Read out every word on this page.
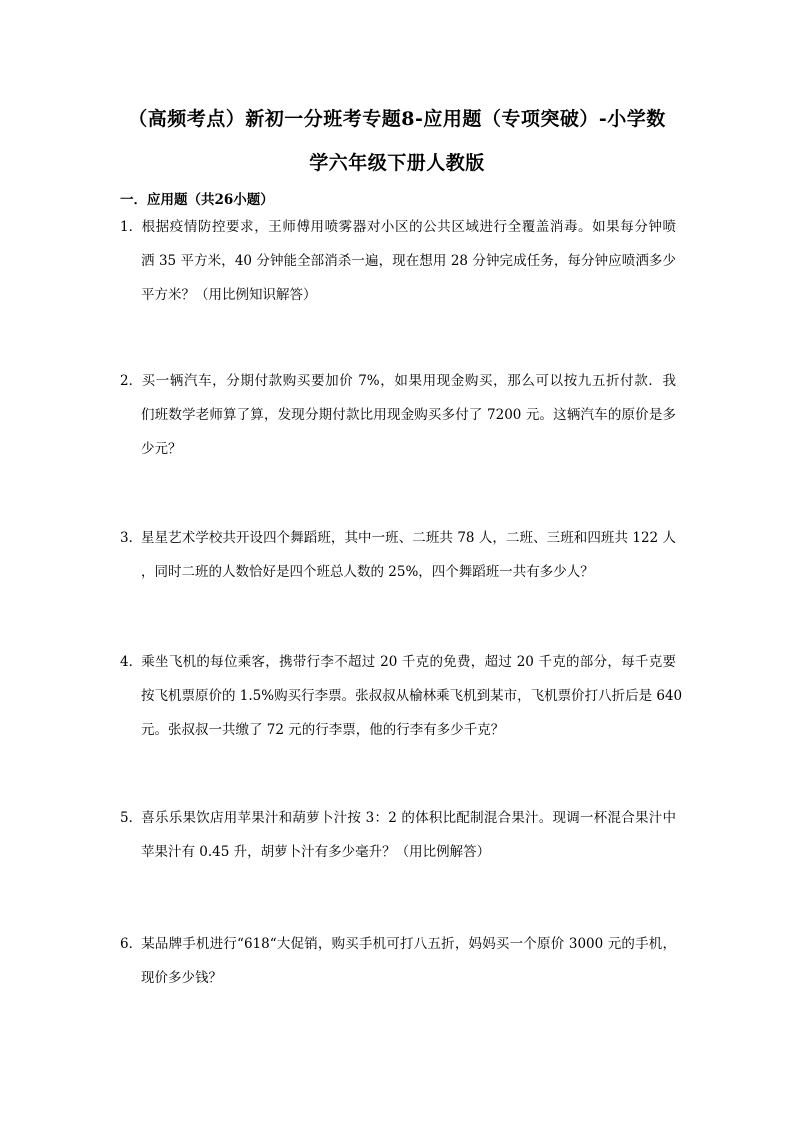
（高频考点）新初一分班考专题8-应用题（专项突破）-小学数
学六年级下册人教版
一．应用题（共26小题）
1．根据疫情防控要求，王师傅用喷雾器对小区的公共区域进行全覆盖消毒。如果每分钟喷
洒 35 平方米，40 分钟能全部消杀一遍，现在想用 28 分钟完成任务，每分钟应喷洒多少
平方米？（用比例知识解答）
2．买一辆汽车，分期付款购买要加价 7%，如果用现金购买，那么可以按九五折付款．我
们班数学老师算了算，发现分期付款比用现金购买多付了 7200 元。这辆汽车的原价是多
少元？
3．星星艺术学校共开设四个舞蹈班，其中一班、二班共 78 人，二班、三班和四班共 122 人
，同时二班的人数恰好是四个班总人数的 25%，四个舞蹈班一共有多少人？
4．乘坐飞机的每位乘客，携带行李不超过 20 千克的免费，超过 20 千克的部分，每千克要
按飞机票原价的 1.5%购买行李票。张叔叔从榆林乘飞机到某市，飞机票价打八折后是 640
元。张叔叔一共缴了 72 元的行李票，他的行李有多少千克？
5．喜乐乐果饮店用苹果汁和葫萝卜汁按 3：2 的体积比配制混合果汁。现调一杯混合果汁中
苹果汁有 0.45 升，胡萝卜汁有多少毫升？（用比例解答）
6．某品牌手机进行“618“大促销，购买手机可打八五折，妈妈买一个原价 3000 元的手机，
现价多少钱？
